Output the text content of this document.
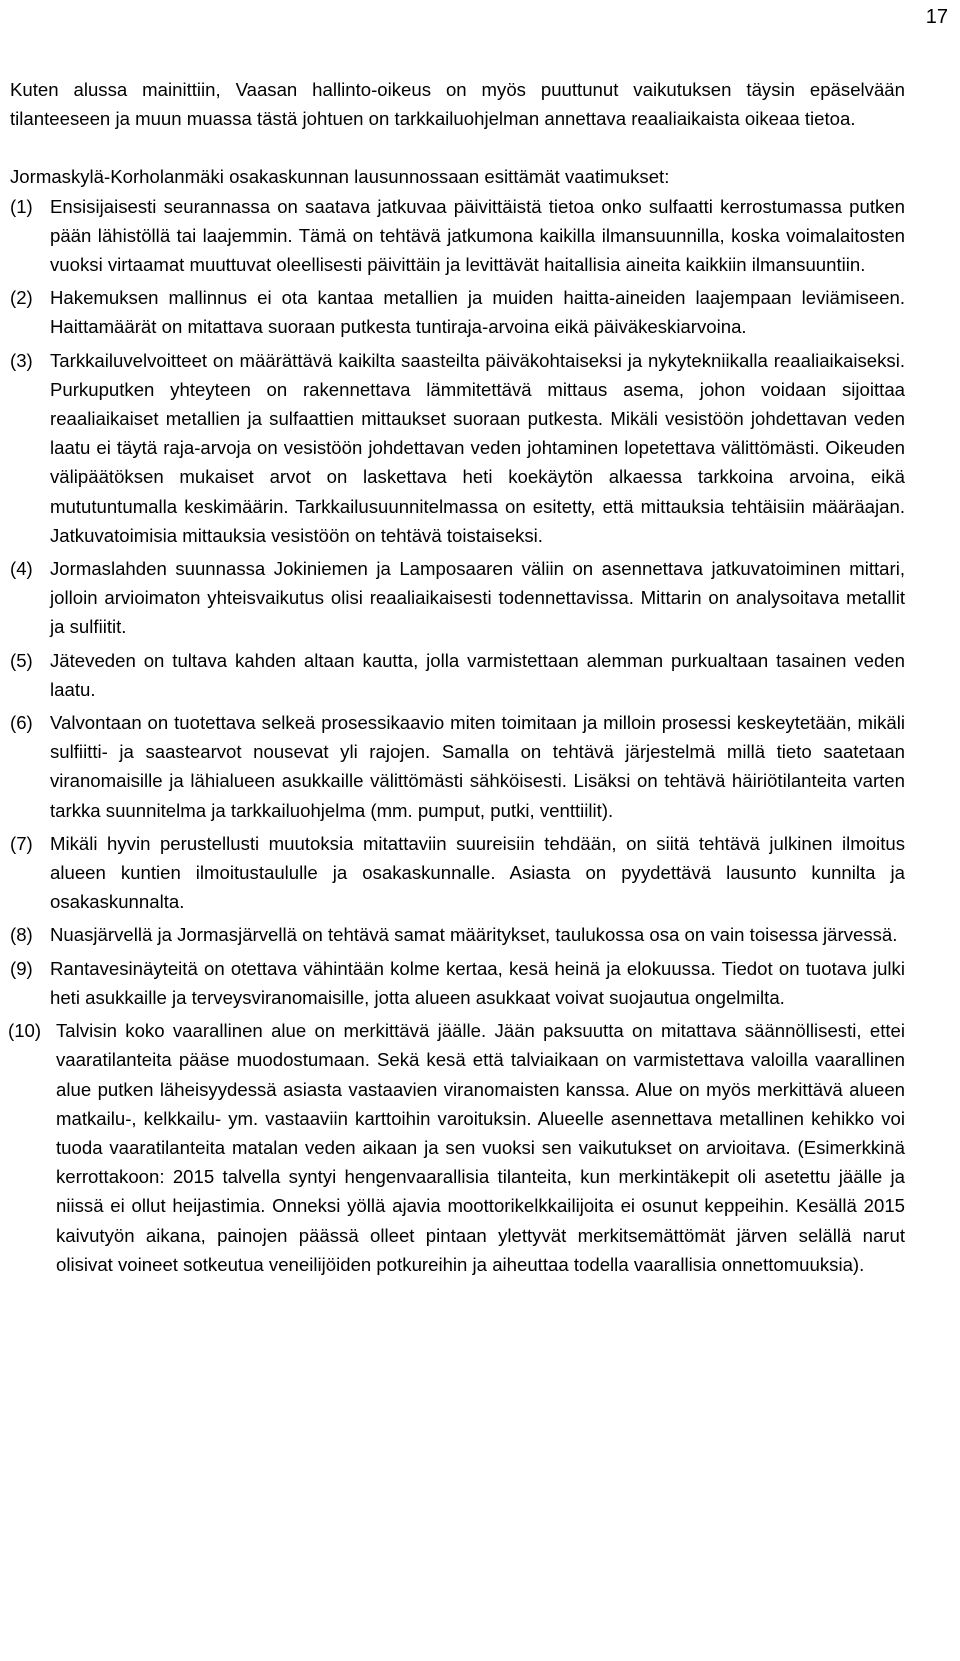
17

Kuten alussa mainittiin, Vaasan hallinto-oikeus on myös puuttunut vaikutuksen täysin epäselvään tilanteeseen ja muun muassa tästä johtuen on tarkkailuohjelman annettava reaaliaikaista oikeaa tietoa.

Jormaskylä-Korholanmäki osakaskunnan lausunnossaan esittämät vaatimukset:

(1) Ensisijaisesti seurannassa on saatava jatkuvaa päivittäistä tietoa onko sulfaatti kerrostumassa putken pään lähistöllä tai laajemmin. Tämä on tehtävä jatkumona kaikilla ilmansuunnilla, koska voimalaitosten vuoksi virtaamat muuttuvat oleellisesti päivittäin ja levittävät haitallisia aineita kaikkiin ilmansuuntiin.
(2) Hakemuksen mallinnus ei ota kantaa metallien ja muiden haitta-aineiden laajempaan leviämiseen. Haittamäärät on mitattava suoraan putkesta tuntiraja-arvoina eikä päiväkeskiarvoina.
(3) Tarkkailuvelvoitteet on määrättävä kaikilta saasteilta päiväkohtaiseksi ja nykytekniikalla reaaliaikaiseksi. Purkuputken yhteyteen on rakennettava lämmitettävä mittaus asema, johon voidaan sijoittaa reaaliaikaiset metallien ja sulfaattien mittaukset suoraan putkesta. Mikäli vesistöön johdettavan veden laatu ei täytä raja-arvoja on vesistöön johdettavan veden johtaminen lopetettava välittömästi. Oikeuden välipäätöksen mukaiset arvot on laskettava heti koekäytön alkaessa tarkkoina arvoina, eikä mututuntumalla keskimäärin. Tarkkailusuunnitelmassa on esitetty, että mittauksia tehtäisiin määräajan. Jatkuvatoimisia mittauksia vesistöön on tehtävä toistaiseksi.
(4) Jormaslahden suunnassa Jokiniemen ja Lamposaaren väliin on asennettava jatkuvatoiminen mittari, jolloin arvioimaton yhteisvaikutus olisi reaaliaikaisesti todennettavissa. Mittarin on analysoitava metallit ja sulfiitit.
(5) Jäteveden on tultava kahden altaan kautta, jolla varmistettaan alemman purkualtaan tasainen veden laatu.
(6) Valvontaan on tuotettava selkeä prosessikaavio miten toimitaan ja milloin prosessi keskeytetään, mikäli sulfiitti- ja saastearvot nousevat yli rajojen. Samalla on tehtävä järjestelmä millä tieto saatetaan viranomaisille ja lähialueen asukkaille välittömästi sähköisesti. Lisäksi on tehtävä häiriötilanteita varten tarkka suunnitelma ja tarkkailuohjelma (mm. pumput, putki, venttiilit).
(7) Mikäli hyvin perustellusti muutoksia mitattaviin suureisiin tehdään, on siitä tehtävä julkinen ilmoitus alueen kuntien ilmoitustaululle ja osakaskunnalle. Asiasta on pyydettävä lausunto kunnilta ja osakaskunnalta.
(8) Nuasjärvellä ja Jormasjärvellä on tehtävä samat määritykset, taulukossa osa on vain toisessa järvessä.
(9) Rantavesinäyteitä on otettava vähintään kolme kertaa, kesä heinä ja elokuussa. Tiedot on tuotava julki heti asukkaille ja terveysviranomaisille, jotta alueen asukkaat voivat suojautua ongelmilta.
(10) Talvisin koko vaarallinen alue on merkittävä jäälle. Jään paksuutta on mitattava säännöllisesti, ettei vaaratilanteita pääse muodostumaan. Sekä kesä että talviaikaan on varmistettava valoilla vaarallinen alue putken läheisyydessä asiasta vastaavien viranomaisten kanssa. Alue on myös merkittävä alueen matkailu-, kelkkailu- ym. vastaaviin karttoihin varoituksin. Alueelle asennettava metallinen kehikko voi tuoda vaaratilanteita matalan veden aikaan ja sen vuoksi sen vaikutukset on arvioitava. (Esimerkkinä kerrottakoon: 2015 talvella syntyi hengenvaarallisia tilanteita, kun merkintäkepit oli asetettu jäälle ja niissä ei ollut heijastimia. Onneksi yöllä ajavia moottorikelkkailijoita ei osunut keppeihin. Kesällä 2015 kaivutyön aikana, painojen päässä olleet pintaan ylettyvät merkitsemättömät järven selällä narut olisivat voineet sotkeutua veneilijöiden potkureihin ja aiheuttaa todella vaarallisia onnettomuuksia).
